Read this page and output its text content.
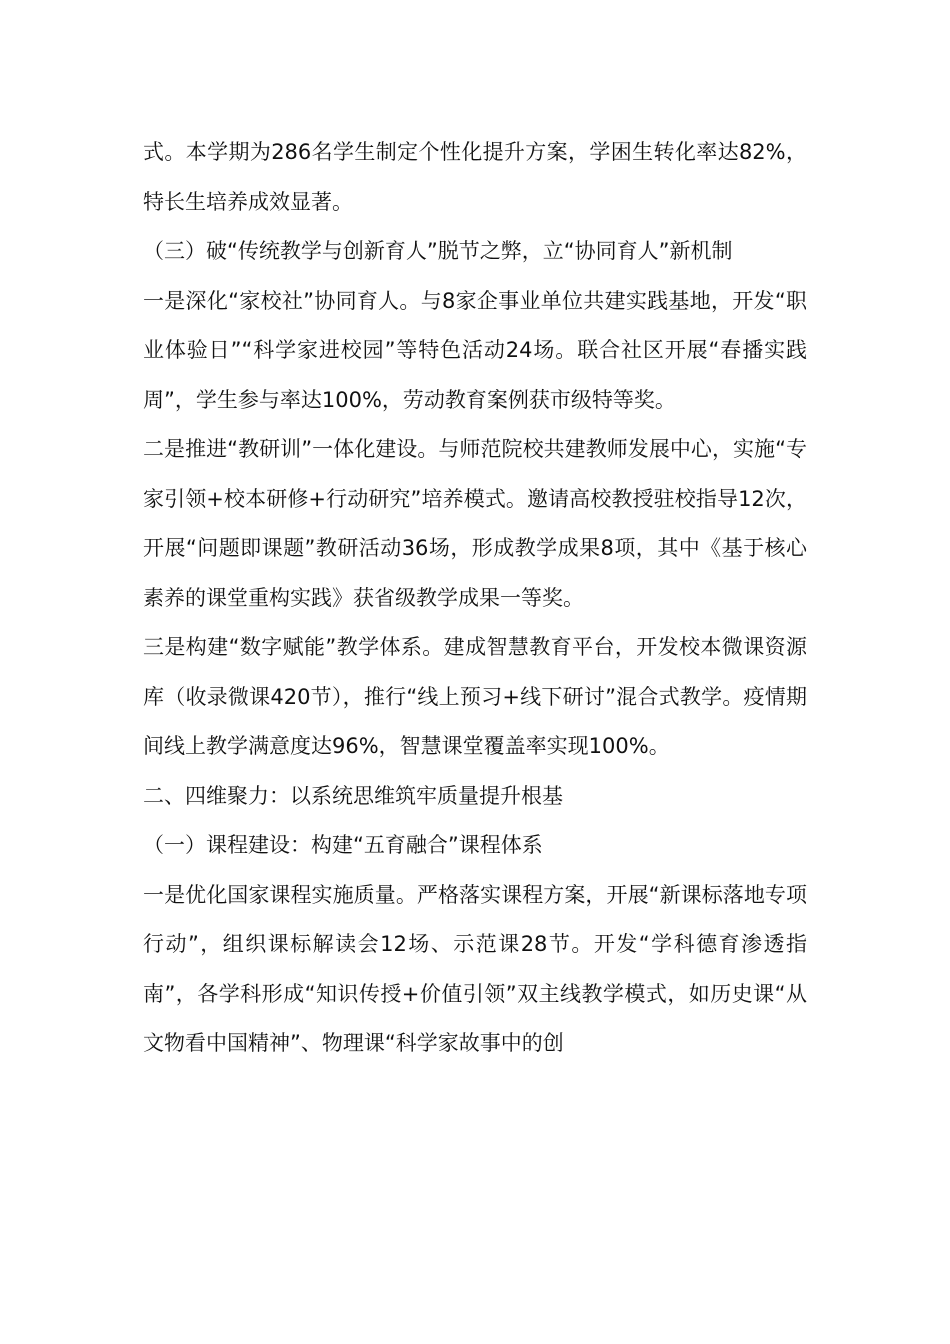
式。本学期为286名学生制定个性化提升方案，学困生转化率达82%，特长生培养成效显著。

（三）破“传统教学与创新育人”脱节之弊，立“协同育人”新机制

一是深化“家校社”协同育人。与8家企事业单位共建实践基地，开发“职业体验日”“科学家进校园”等特色活动24场。联合社区开展“春播实践周”，学生参与率达100%，劳动教育案例获市级特等奖。

二是推进“教研训”一体化建设。与师范院校共建教师发展中心，实施“专家引领+校本研修+行动研究”培养模式。邀请高校教授驻校指导12次，开展“问题即课题”教研活动36场，形成教学成果8项，其中《基于核心素养的课堂重构实践》获省级教学成果一等奖。

三是构建“数字赋能”教学体系。建成智慧教育平台，开发校本微课资源库（收录微课420节），推行“线上预习+线下研讨”混合式教学。疫情期间线上教学满意度达96%，智慧课堂覆盖率实现100%。

二、四维聚力：以系统思维筑牢质量提升根基

（一）课程建设：构建“五育融合”课程体系

一是优化国家课程实施质量。严格落实课程方案，开展“新课标落地专项行动”，组织课标解读会12场、示范课28节。开发“学科德育渗透指南”，各学科形成“知识传授+价值引领”双主线教学模式，如历史课“从文物看中国精神”、物理课“科学家故事中的创
